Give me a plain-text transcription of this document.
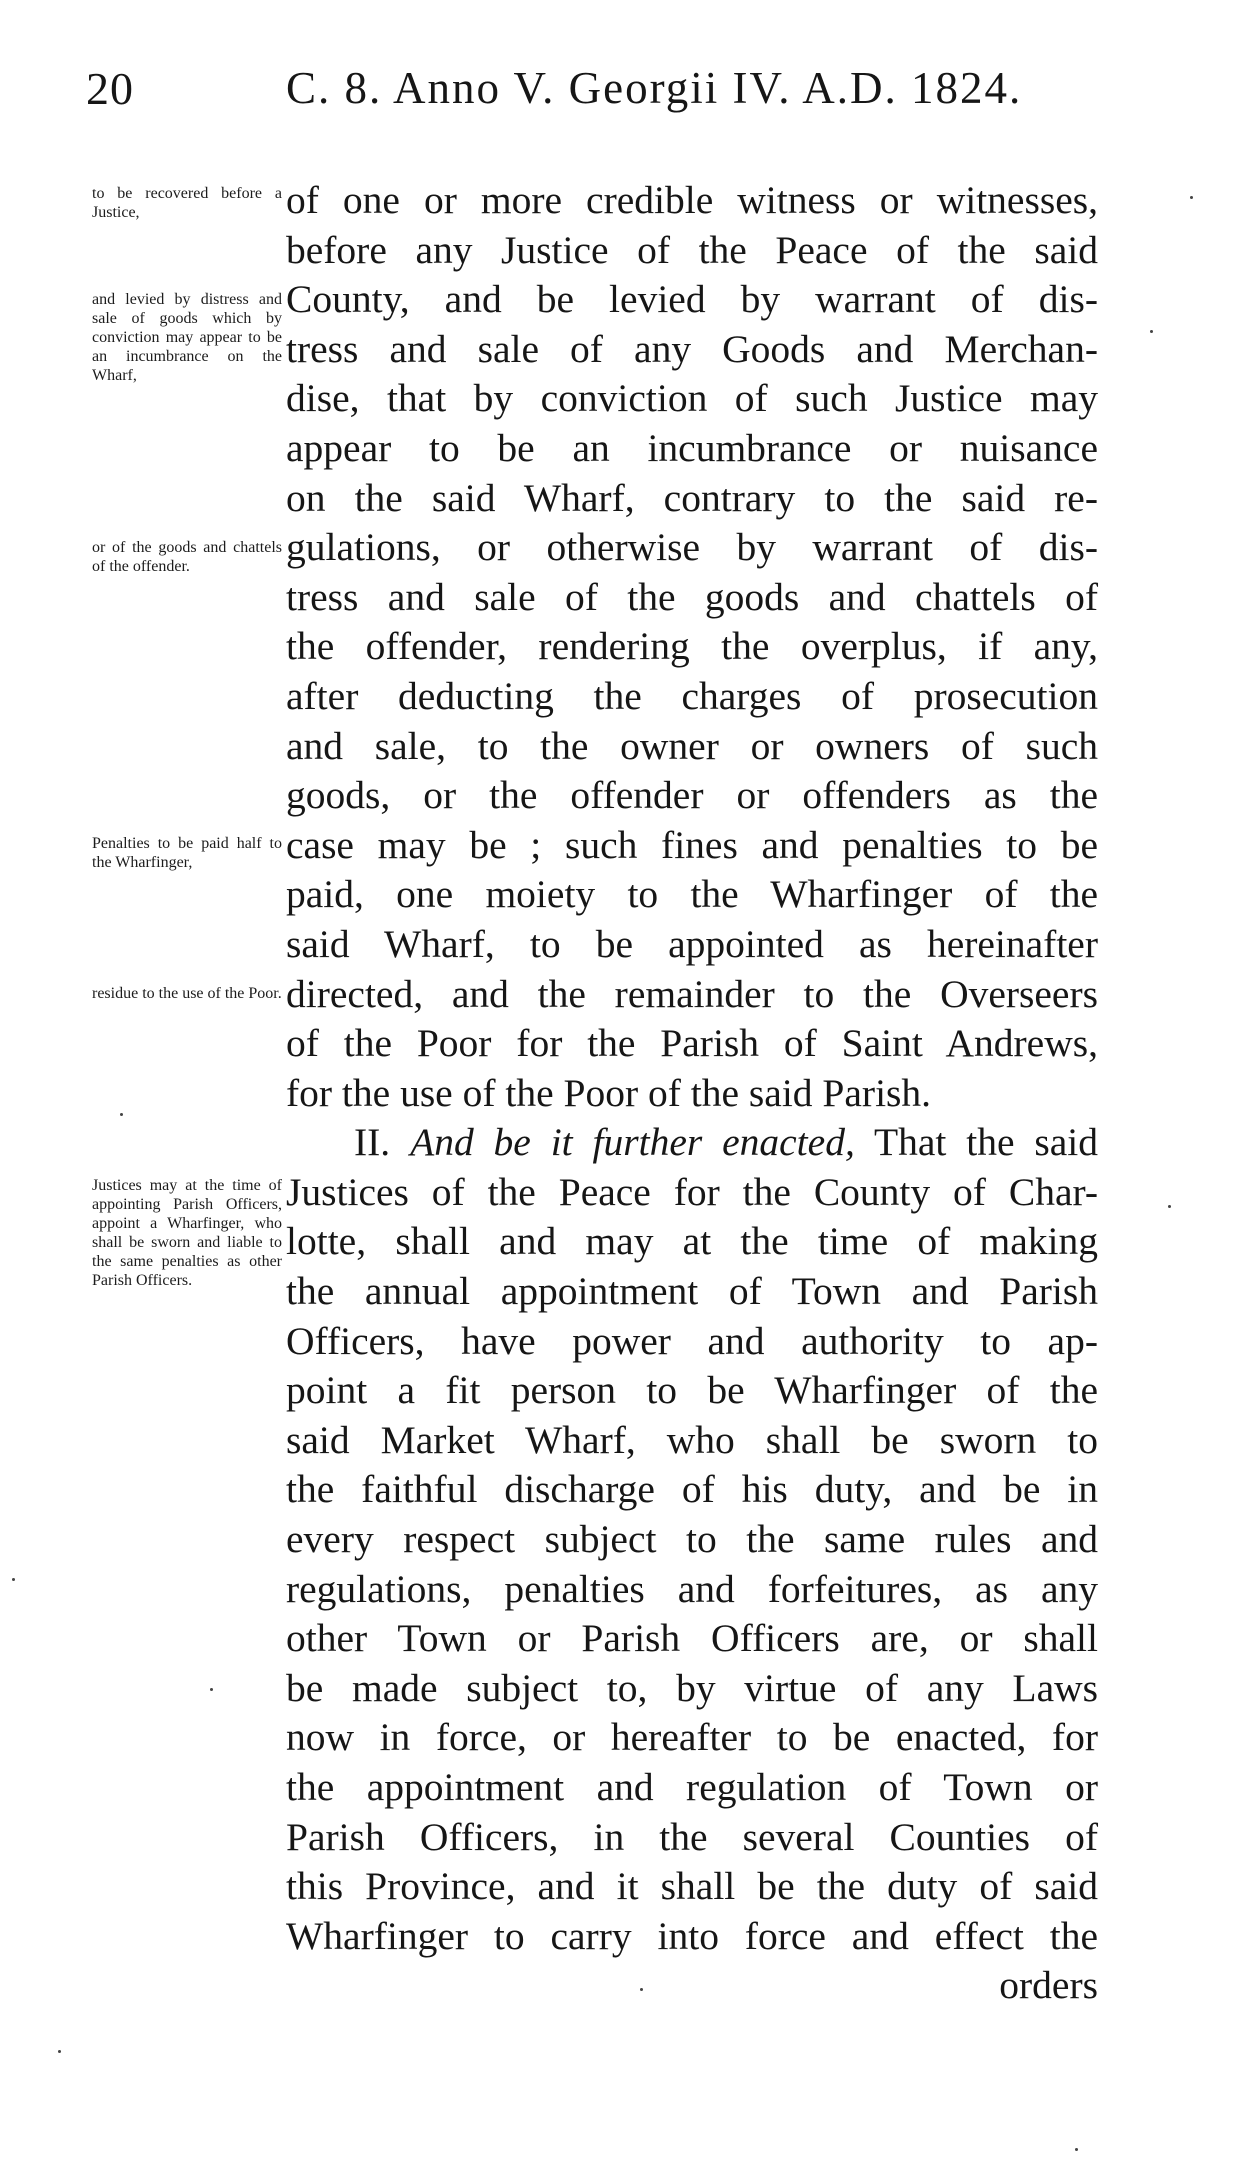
20	C. 8. Anno V. Georgii IV. A.D. 1824.
to be recovered before a Justice,
and levied by distress and sale of goods which by conviction may appear to be an incumbrance on the Wharf,
or of the goods and chattels of the offender.
Penalties to be paid half to the Wharfinger,
residue to the use of the Poor.
Justices may at the time of appointing Parish Officers, appoint a Wharfinger, who shall be sworn and liable to the same penalties as other Parish Officers.
of one or more credible witness or witnesses,
before any Justice of the Peace of the said
County, and be levied by warrant of dis-
tress and sale of any Goods and Merchan-
dise, that by conviction of such Justice may
appear to be an incumbrance or nuisance
on the said Wharf, contrary to the said re-
gulations, or otherwise by warrant of dis-
tress and sale of the goods and chattels of
the offender, rendering the overplus, if any,
after deducting the charges of prosecution
and sale, to the owner or owners of such
goods, or the offender or offenders as the
case may be ; such fines and penalties to be
paid, one moiety to the Wharfinger of the
said Wharf, to be appointed as hereinafter
directed, and the remainder to the Overseers
of the Poor for the Parish of Saint Andrews,
for the use of the Poor of the said Parish.
II. And be it further enacted, That the said
Justices of the Peace for the County of Char-
lotte, shall and may at the time of making
the annual appointment of Town and Parish
Officers, have power and authority to ap-
point a fit person to be Wharfinger of the
said Market Wharf, who shall be sworn to
the faithful discharge of his duty, and be in
every respect subject to the same rules and
regulations, penalties and forfeitures, as any
other Town or Parish Officers are, or shall
be made subject to, by virtue of any Laws
now in force, or hereafter to be enacted, for
the appointment and regulation of Town or
Parish Officers, in the several Counties of
this Province, and it shall be the duty of said
Wharfinger to carry into force and effect the
orders
